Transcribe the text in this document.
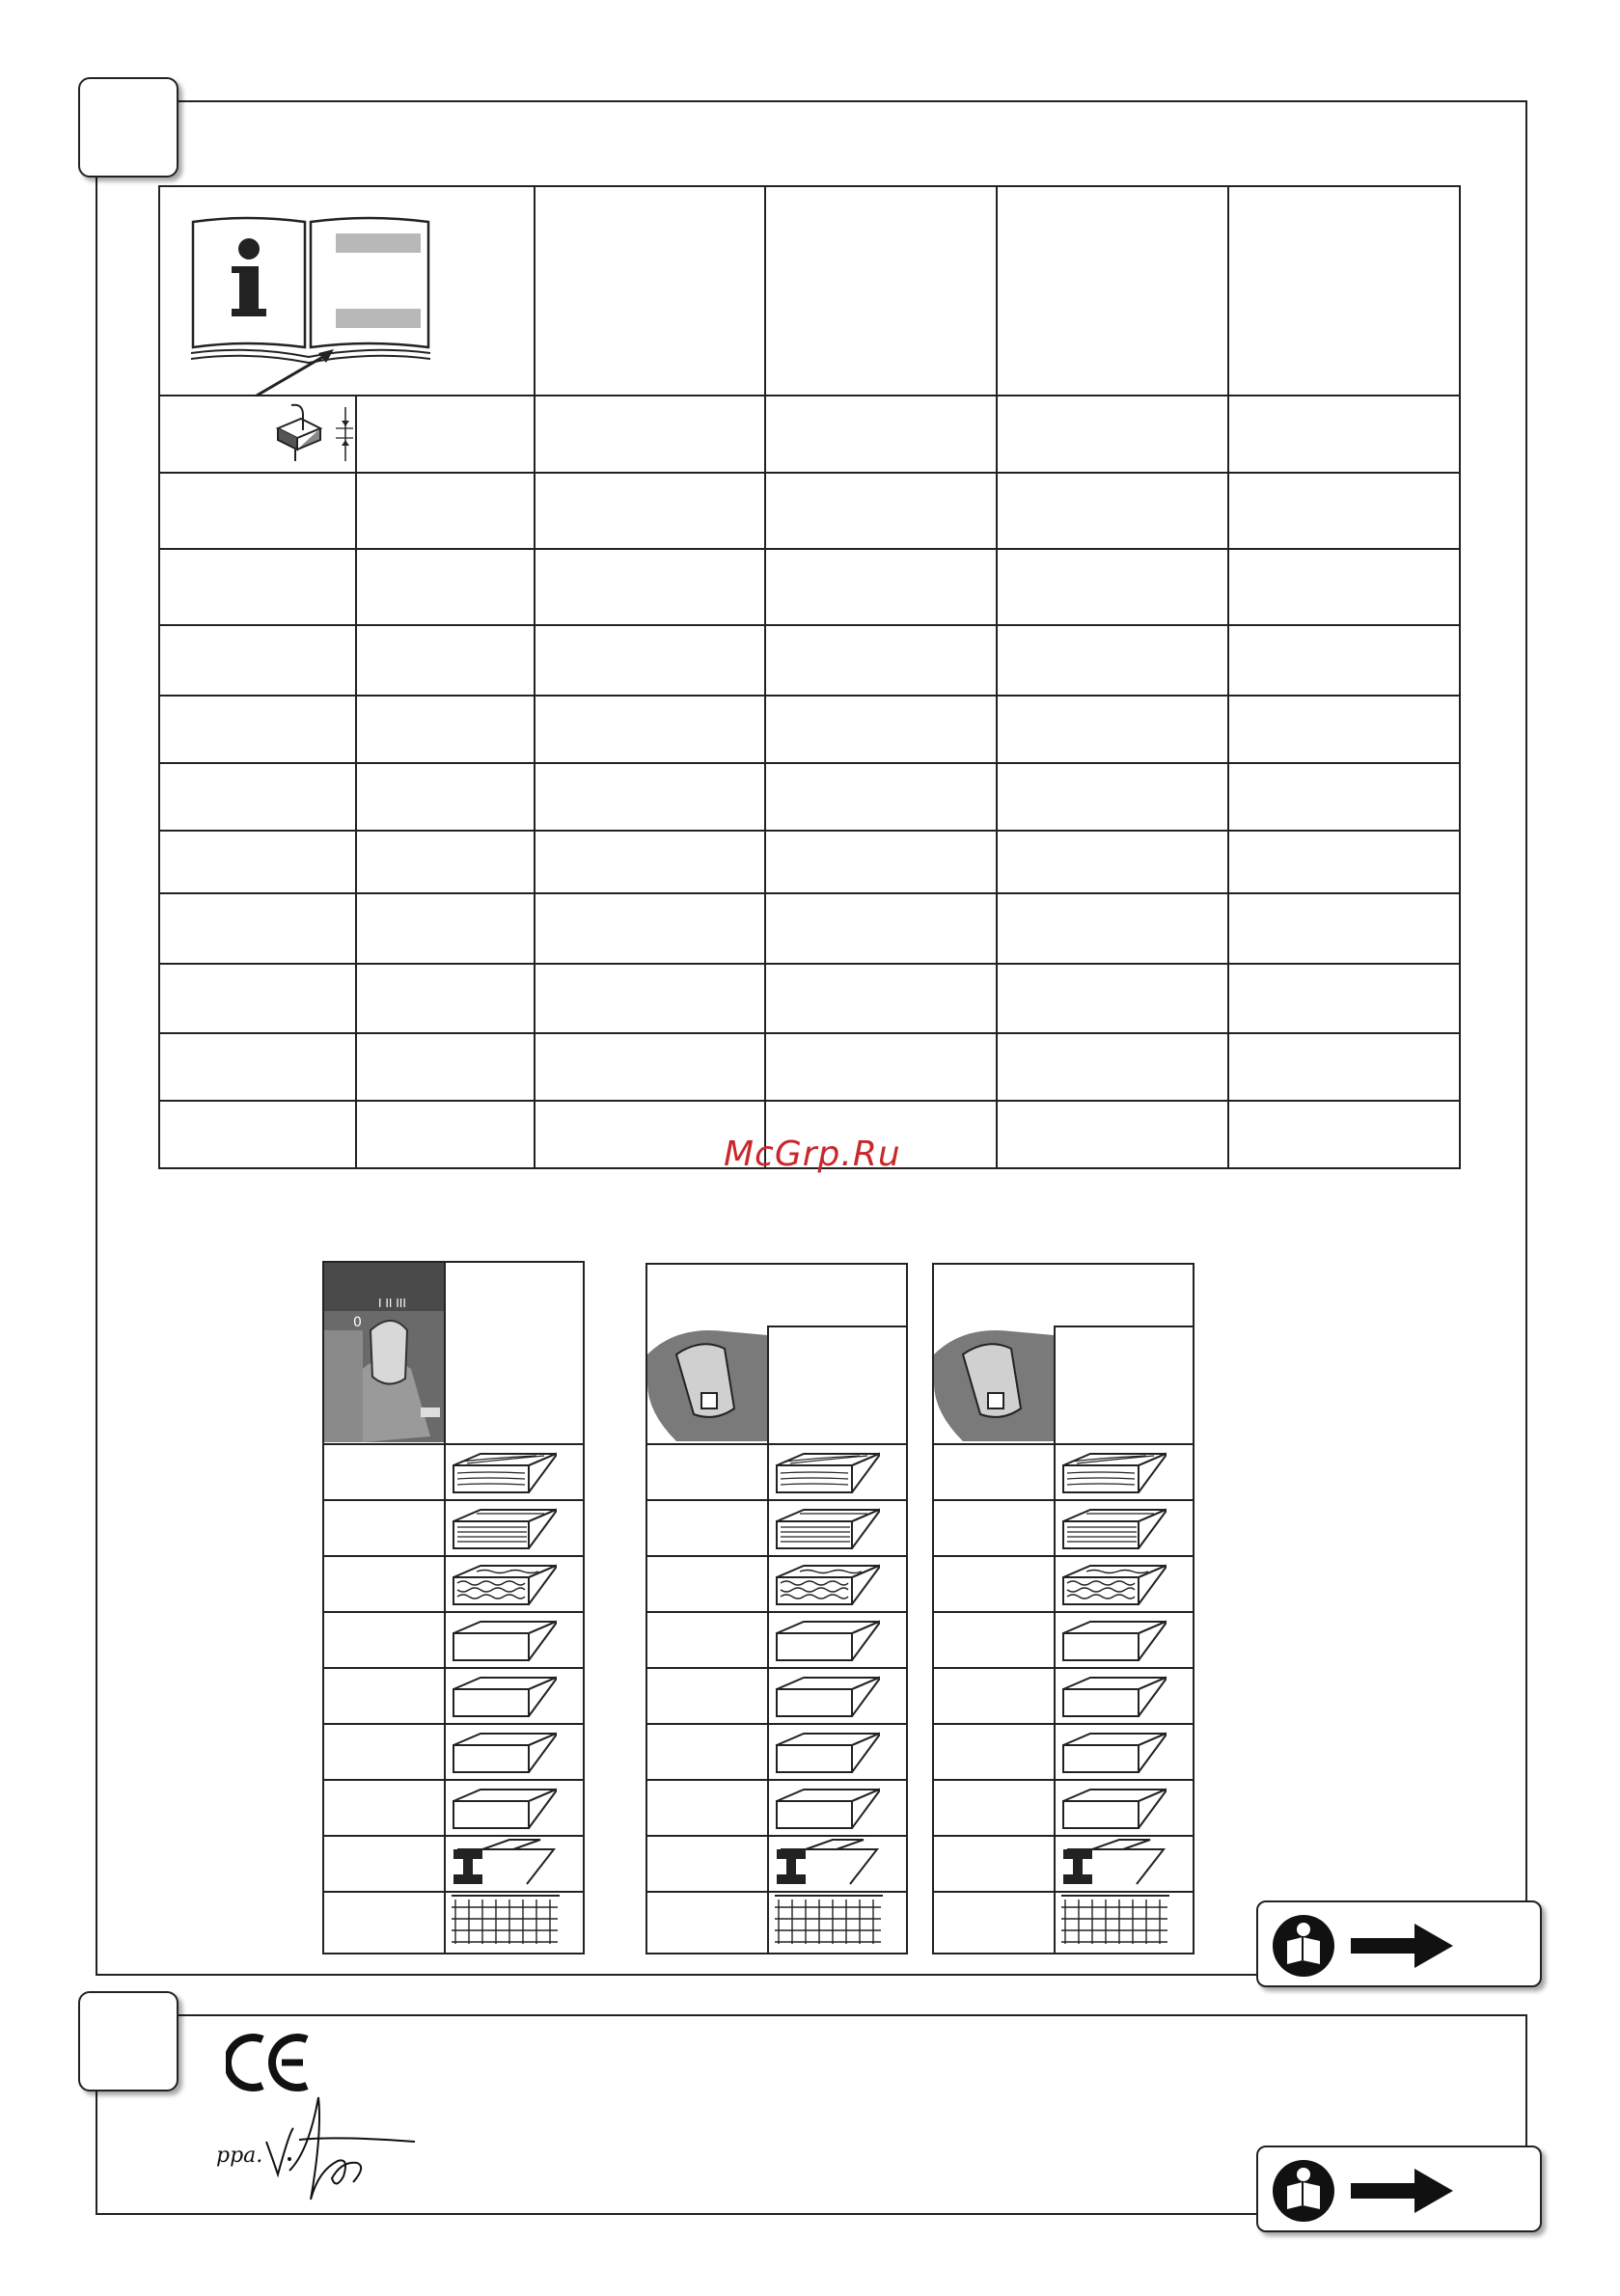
McGrp.Ru
0
I II III
ppa.
